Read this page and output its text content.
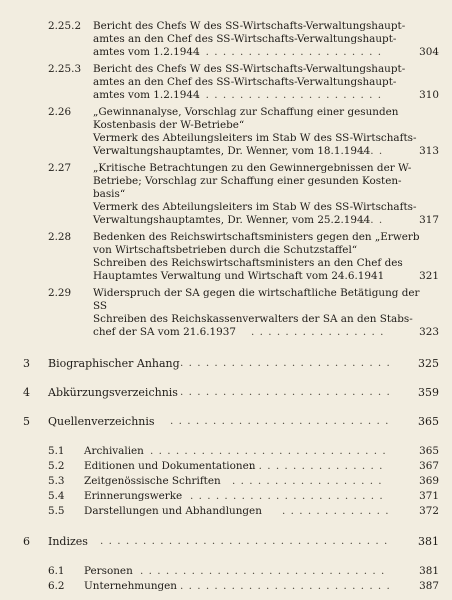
2.25.2 Bericht des Chefs W des SS-Wirtschafts-Verwaltungshaupt-
amtes an den Chef des SS-Wirtschafts-Verwaltungshaupt-
amtes vom 1.2.1944 . . .	304
2.25.3 Bericht des Chefs W des SS-Wirtschafts-Verwaltungshaupt-
amtes an den Chef des SS-Wirtschafts-Verwaltungshaupt-
amtes vom 1.2.1944 . . .	310
2.26 „Gewinnanalyse, Vorschlag zur Schaffung einer gesunden
Kostenbasis der W-Betriebe“
Vermerk des Abteilungsleiters im Stab W des SS-Wirtschafts-
Verwaltungshauptamtes, Dr. Wenner, vom 18.1.1944 . . .	313
2.27 „Kritische Betrachtungen zu den Gewinnergebnissen der W-
Betriebe; Vorschlag zur Schaffung einer gesunden Kosten-
basis“
Vermerk des Abteilungsleiters im Stab W des SS-Wirtschafts-
Verwaltungshauptamtes, Dr. Wenner, vom 25.2.1944 . . .	317
2.28 Bedenken des Reichswirtschaftsministers gegen den „Erwerb
von Wirtschaftsbetrieben durch die Schutzstaffel“
Schreiben des Reichswirtschaftsministers an den Chef des
Hauptamtes Verwaltung und Wirtschaft vom 24.6.1941	321
2.29 Widerspruch der SA gegen die wirtschaftliche Betätigung der
SS
Schreiben des Reichskassenverwalters der SA an den Stabs-
chef der SA vom 21.6.1937 . . .	323
3 Biographischer Anhang . . .	325
4 Abkürzungsverzeichnis . . .	359
5 Quellenverzeichnis . . .	365
5.1 Archivalien . . .	365
5.2 Editionen und Dokumentationen . . .	367
5.3 Zeitgenössische Schriften . . .	369
5.4 Erinnerungswerke . . .	371
5.5 Darstellungen und Abhandlungen . . .	372
6 Indizes . . .	381
6.1 Personen . . .	381
6.2 Unternehmungen . . .	387
